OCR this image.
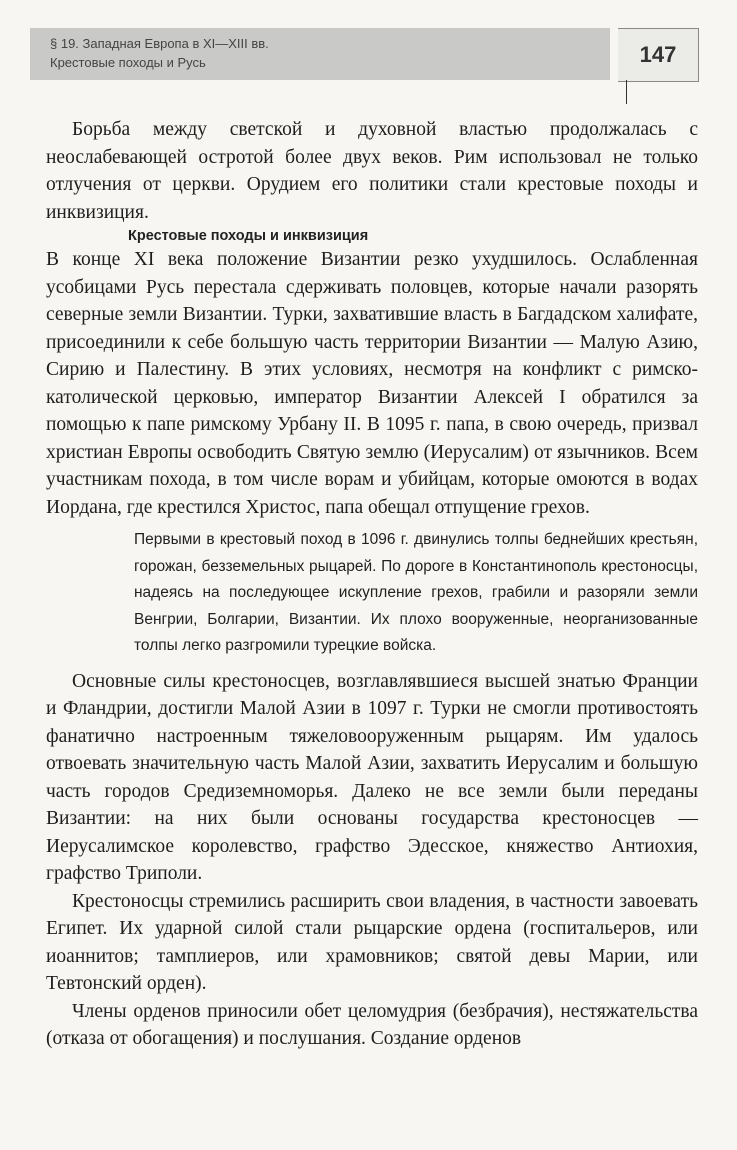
§ 19. Западная Европа в XI—XIII вв.
Крестовые походы и Русь	147

Борьба между светской и духовной властью продолжалась с неослабевающей остротой более двух веков. Рим использовал не только отлучения от церкви. Орудием его политики стали крестовые походы и инквизиция.

Крестовые походы и инквизиция

В конце XI века положение Византии резко ухудшилось. Ослабленная усобицами Русь перестала сдерживать половцев, которые начали разорять северные земли Византии. Турки, захватившие власть в Багдадском халифате, присоединили к себе большую часть территории Византии — Малую Азию, Сирию и Палестину. В этих условиях, несмотря на конфликт с римско-католической церковью, император Византии Алексей I обратился за помощью к папе римскому Урбану II. В 1095 г. папа, в свою очередь, призвал христиан Европы освободить Святую землю (Иерусалим) от язычников. Всем участникам похода, в том числе ворам и убийцам, которые омоются в водах Иордана, где крестился Христос, папа обещал отпущение грехов.

Первыми в крестовый поход в 1096 г. двинулись толпы беднейших крестьян, горожан, безземельных рыцарей. По дороге в Константинополь крестоносцы, надеясь на последующее искупление грехов, грабили и разоряли земли Венгрии, Болгарии, Византии. Их плохо вооруженные, неорганизованные толпы легко разгромили турецкие войска.

Основные силы крестоносцев, возглавлявшиеся высшей знатью Франции и Фландрии, достигли Малой Азии в 1097 г. Турки не смогли противостоять фанатично настроенным тяжеловооруженным рыцарям. Им удалось отвоевать значительную часть Малой Азии, захватить Иерусалим и большую часть городов Средиземноморья. Далеко не все земли были переданы Византии: на них были основаны государства крестоносцев — Иерусалимское королевство, графство Эдесское, княжество Антиохия, графство Триполи.

Крестоносцы стремились расширить свои владения, в частности завоевать Египет. Их ударной силой стали рыцарские ордена (госпитальеров, или иоаннитов; тамплиеров, или храмовников; святой девы Марии, или Тевтонский орден).

Члены орденов приносили обет целомудрия (безбрачия), нестяжательства (отказа от обогащения) и послушания. Создание орденов
